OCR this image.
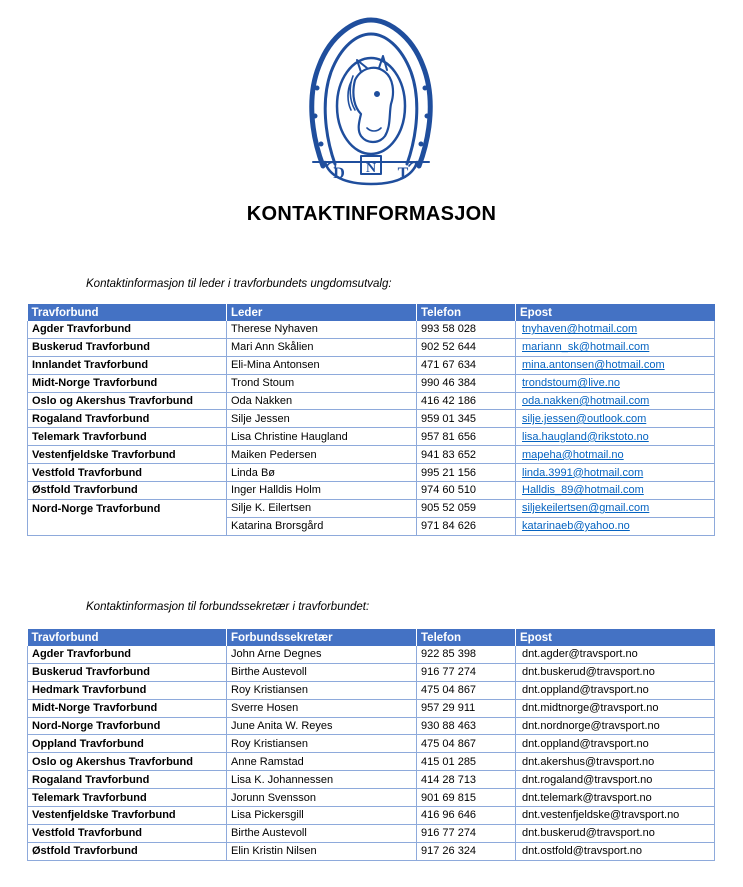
D N T
KONTAKTINFORMASJON
Kontaktinformasjon til leder i travforbundets ungdomsutvalg:
Travforbund	Leder	Telefon	Epost
Agder Travforbund	Therese Nyhaven	993 58 028	tnyhaven@hotmail.com
Buskerud Travforbund	Mari Ann Skålien	902 52 644	mariann_sk@hotmail.com
Innlandet Travforbund	Eli-Mina Antonsen	471 67 634	mina.antonsen@hotmail.com
Midt-Norge Travforbund	Trond Stoum	990 46 384	trondstoum@live.no
Oslo og Akershus Travforbund	Oda Nakken	416 42 186	oda.nakken@hotmail.com
Rogaland Travforbund	Silje Jessen	959 01 345	silje.jessen@outlook.com
Telemark Travforbund	Lisa Christine Haugland	957 81 656	lisa.haugland@rikstoto.no
Vestenfjeldske Travforbund	Maiken Pedersen	941 83 652	mapeha@hotmail.no
Vestfold Travforbund	Linda Bø	995 21 156	linda.3991@hotmail.com
Østfold Travforbund	Inger Halldis Holm	974 60 510	Halldis_89@hotmail.com
Nord-Norge Travforbund	Silje K. Eilertsen	905 52 059	siljekeilertsen@gmail.com
	Katarina Brorsgård	971 84 626	katarinaeb@yahoo.no
Kontaktinformasjon til forbundssekretær i travforbundet:
Travforbund	Forbundssekretær	Telefon	Epost
Agder Travforbund	John Arne Degnes	922 85 398	dnt.agder@travsport.no
Buskerud Travforbund	Birthe Austevoll	916 77 274	dnt.buskerud@travsport.no
Hedmark Travforbund	Roy Kristiansen	475 04 867	dnt.oppland@travsport.no
Midt-Norge Travforbund	Sverre Hosen	957 29 911	dnt.midtnorge@travsport.no
Nord-Norge Travforbund	June Anita W. Reyes	930 88 463	dnt.nordnorge@travsport.no
Oppland Travforbund	Roy Kristiansen	475 04 867	dnt.oppland@travsport.no
Oslo og Akershus Travforbund	Anne Ramstad	415 01 285	dnt.akershus@travsport.no
Rogaland Travforbund	Lisa K. Johannessen	414 28 713	dnt.rogaland@travsport.no
Telemark Travforbund	Jorunn Svensson	901 69 815	dnt.telemark@travsport.no
Vestenfjeldske Travforbund	Lisa Pickersgill	416 96 646	dnt.vestenfjeldske@travsport.no
Vestfold Travforbund	Birthe Austevoll	916 77 274	dnt.buskerud@travsport.no
Østfold Travforbund	Elin Kristin Nilsen	917 26 324	dnt.ostfold@travsport.no
